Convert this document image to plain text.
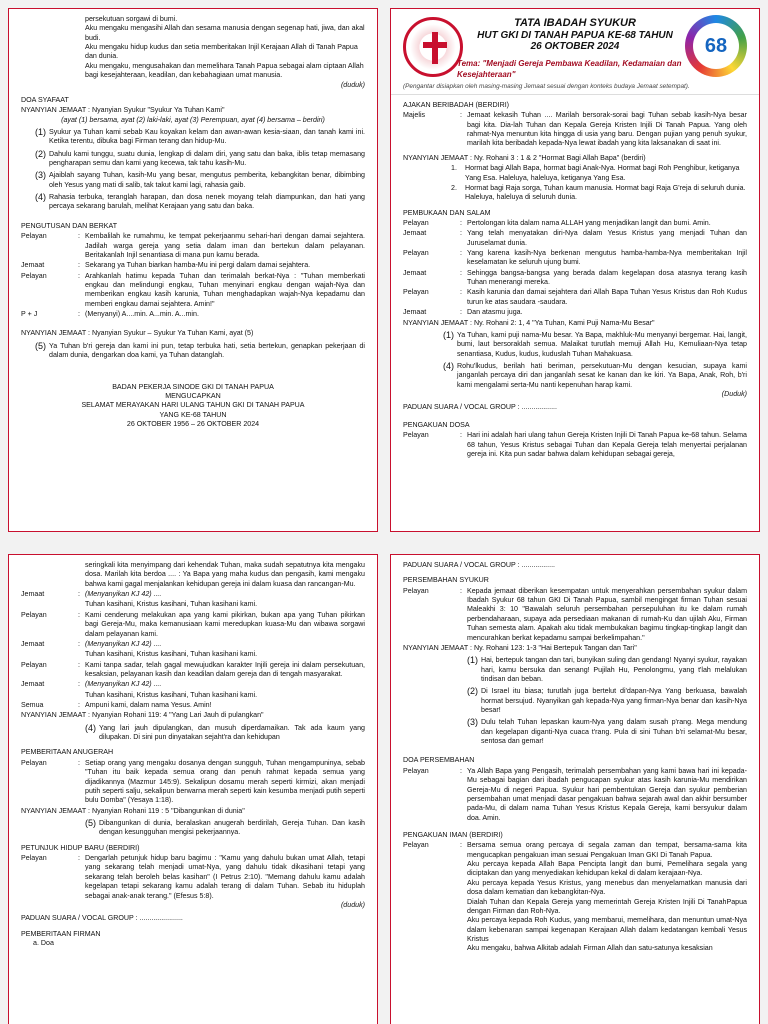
persekutuan sorgawi di bumi.

Aku mengaku mengasihi Allah dan sesama manusia dengan segenap hati, jiwa, dan akal budi.

Aku mengaku hidup kudus dan setia memberitakan Injil Kerajaan Allah di Tanah Papua dan dunia.

Aku mengaku, mengusahakan dan memelihara Tanah Papua sebagai alam ciptaan Allah bagi kesejahteraan, keadilan, dan kebahagiaan umat manusia.

(duduk)

DOA SYAFAAT

NYANYIAN JEMAAT : Nyanyian Syukur "Syukur Ya Tuhan Kami"

(ayat (1) bersama, ayat (2) laki-laki, ayat (3) Perempuan, ayat (4) bersama – berdiri)

(1) Syukur ya Tuhan kami sebab Kau koyakan kelam dan awan-awan kesia-siaan, dan tanah kami ini. Ketika terentu, dibuka bagi Firman terang dan hidup-Mu.
(2) Dahulu kami tunggu, suatu dunia, lengkap di dalam diri, yang satu dan baka, iblis tetap memasang pengharapan semu dan kami yang kecewa, tak tahu kasih-Mu.
(3) Ajaiblah sayang Tuhan, kasih-Mu yang besar, mengutus pemberita, kebangkitan benar, dibimbing oleh Yesus yang mati di salib, tak takut kami lagi, rahasia gaib.
(4) Rahasia terbuka, teranglah harapan, dan dosa nenek moyang telah diampunkan, dan hati yang percaya sekarang barulah, melihat Kerajaan yang satu dan baka.

PENGUTUSAN DAN BERKAT

Pelayan	: Kembalilah ke rumahmu, ke tempat pekerjaanmu sehari-hari dengan damai sejahtera. Jadilah warga gereja yang setia dalam iman dan bertekun dalam pelayanan. Beritakanlah Injil senantiasa di mana pun kamu berada.
Jemaat	: Sekarang ya Tuhan biarkan hamba-Mu ini pergi dalam damai sejahtera.
Pelayan	: Arahkanlah hatimu kepada Tuhan dan terimalah berkat-Nya : "Tuhan memberkati engkau dan melindungi engkau, Tuhan menyinari engkau dengan wajah-Nya dan memberikan engkau kasih karunia, Tuhan menghadapkan wajah-Nya kepadamu dan memberi engkau damai sejahtera. Amin!"
P + J	: (Menyanyi) A....min. A...min. A...min.

NYANYIAN JEMAAT : Nyanyian Syukur – Syukur Ya Tuhan Kami, ayat (5)

(5) Ya Tuhan b'ri gereja dan kami ini pun, tetap terbuka hati, setia bertekun, genapkan pekerjaan di dalam dunia, dengarkan doa kami, ya Tuhan datanglah.

BADAN PEKERJA SINODE GKI DI TANAH PAPUA

MENGUCAPKAN

SELAMAT MERAYAKAN HARI ULANG TAHUN GKI DI TANAH PAPUA

YANG KE-68 TAHUN

26 OKTOBER 1956 – 26 OKTOBER 2024

TATA IBADAH SYUKUR
HUT GKI DI TANAH PAPUA KE-68 TAHUN
26 OKTOBER 2024	68
Tema: "Menjadi Gereja Pembawa Keadilan, Kedamaian dan Kesejahteraan"
(Pengantar disiapkan oleh masing-masing Jemaat sesuai dengan konteks budaya Jemaat setempat).

AJAKAN BERIBADAH (BERDIRI)

Majelis	: Jemaat kekasih Tuhan .... Marilah bersorak-sorai bagi Tuhan sebab kasih-Nya besar bagi kita. Dia-lah Tuhan dan Kepala Gereja Kristen Injili Di Tanah Papua. Yang oleh rahmat-Nya menuntun kita hingga di usia yang baru. Dengan pujian yang penuh syukur, marilah kita beribadah kepada-Nya lewat ibadah yang kita laksanakan di saat ini.

NYANYIAN JEMAAT : Ny. Rohani 3 : 1 & 2 "Hormat Bagi Allah Bapa" (berdiri)

1.	Hormat bagi Allah Bapa, hormat bagi Anak-Nya. Hormat bagi Roh Penghibur, ketiganya Yang Esa. Haleluya, haleluya, ketiganya Yang Esa.
2.	Hormat bagi Raja sorga, Tuhan kaum manusia. Hormat bagi Raja G'reja di seluruh dunia. Haleluya, haleluya di seluruh dunia.

PEMBUKAAN DAN SALAM

Pelayan	: Pertolongan kita dalam nama ALLAH yang menjadikan langit dan bumi. Amin.
Jemaat	: Yang telah menyatakan diri-Nya dalam Yesus Kristus yang menjadi Tuhan dan Juruselamat dunia.
Pelayan	: Yang karena kasih-Nya berkenan mengutus hamba-hamba-Nya memberitakan Injil keselamatan ke seluruh ujung bumi.
Jemaat	: Sehingga bangsa-bangsa yang berada dalam kegelapan dosa atasnya terang kasih Tuhan menerangi mereka.
Pelayan	: Kasih karunia dan damai sejahtera dari Allah Bapa Tuhan Yesus Kristus dan Roh Kudus turun ke atas saudara -saudara.
Jemaat	: Dan atasmu juga.

NYANYIAN JEMAAT : Ny. Rohani 2: 1, 4 "Ya Tuhan, Kami Puji Nama-Mu Besar"

(1) Ya Tuhan, kami puji nama-Mu besar. Ya Bapa, makhluk-Mu menyanyi bergemar. Hai, langit, bumi, laut bersoraklah semua. Malaikat turutlah memuji Allah Hu, Kemuliaan-Nya tetap senantiasa, Kudus, kudus, kuduslah Tuhan Mahakuasa.
(4) Rohu'lkudus, berilah hati beriman, persekutuan-Mu dengan kesucian, supaya kami janganlah percaya diri dan janganlah sesat ke kanan dan ke kiri. Ya Bapa, Anak, Roh, b'ri kami mengalami serta-Mu nanti kepenuhan harap kami.

(Duduk)

PADUAN SUARA / VOCAL GROUP : ..................

PENGAKUAN DOSA

Pelayan	: Hari ini adalah hari ulang tahun Gereja Kristen Injili Di Tanah Papua ke-68 tahun. Selama 68 tahun, Yesus Kristus sebagai Tuhan dan Kepala Gereja telah menyertai perjalanan gereja ini. Kita pun sadar bahwa dalam kehidupan sebagai gereja,

seringkali kita menyimpang dari kehendak Tuhan, maka sudah sepatutnya kita mengaku dosa. Marilah kita berdoa .... : Ya Bapa yang maha kudus dan pengasih, kami mengaku bahwa kami gagal menjalankan kehidupan gereja ini dalam kuasa dan rancangan-Mu.

Jemaat	: (Menyanyikan KJ 42) ....
Tuhan kasihani, Kristus kasihani, Tuhan kasihani kami.
Pelayan	: Kami cenderung melakukan apa yang kami pikirkan, bukan apa yang Tuhan pikirkan bagi Gereja-Mu, maka kemanusiaan kami meredupkan kuasa-Mu dan wibawa sorgawi dalam pelayanan kami.
Jemaat	: (Menyanyikan KJ 42) ....
Tuhan kasihani, Kristus kasihani, Tuhan kasihani kami.
Pelayan	: Kami tanpa sadar, telah gagal mewujudkan karakter Injili gereja ini dalam persekutuan, kesaksian, pelayanan kasih dan keadilan dalam gereja dan di tengah masyarakat.
Jemaat	: (Menyanyikan KJ 42) ....
Tuhan kasihani, Kristus kasihani, Tuhan kasihani kami.
Semua	: Ampuni kami, dalam nama Yesus. Amin!

NYANYIAN JEMAAT : Nyanyian Rohani 119: 4 "Yang Lari Jauh di pulangkan"

(4) Yang lari jauh dipulangkan, dan musuh diperdamaikan. Tak ada kaum yang dilupakan. Di sini pun dinyatakan sejaht'ra dan kehidupan

PEMBERITAAN ANUGERAH

Pelayan	: Setiap orang yang mengaku dosanya dengan sungguh, Tuhan mengampuninya, sebab "Tuhan itu baik kepada semua orang dan penuh rahmat kepada semua yang dijadikannya (Mazmur 145:9). Sekalipun dosamu merah seperti kirmizi, akan menjadi putih seperti salju, sekalipun berwarna merah seperti kain kesumba menjadi putih seperti bulu Domba" (Yesaya 1:18).

NYANYIAN JEMAAT : Nyanyian Rohani 119 : 5 "Dibangunkan di dunia"

(5) Dibangunkan di dunia, beralaskan anugerah berdirilah, Gereja Tuhan. Dan kasih dengan kesungguhan mengisi pekerjaannya.

PETUNJUK HIDUP BARU (BERDIRI)

Pelayan	: Dengarlah petunjuk hidup baru bagimu : "Kamu yang dahulu bukan umat Allah, tetapi yang sekarang telah menjadi umat-Nya, yang dahulu tidak dikasihani tetapi yang sekarang telah beroleh belas kasihan" (I Petrus 2:10). "Memang dahulu kamu adalah kegelapan tetapi sekarang kamu adalah terang di dalam Tuhan. Sebab itu hiduplah sebagai anak-anak terang." (Efesus 5:8).

(duduk)

PADUAN SUARA / VOCAL GROUP : ......................

PEMBERITAAN FIRMAN

a. Doa

PADUAN SUARA / VOCAL GROUP : .................

PERSEMBAHAN SYUKUR

Pelayan	: Kepada jemaat diberikan kesempatan untuk menyerahkan persembahan syukur dalam Ibadah Syukur 68 tahun GKI Di Tanah Papua, sambil mengingat firman Tuhan sesuai Maleakhi 3: 10 "Bawalah seluruh persembahan persepuluhan itu ke dalam rumah perbendaharaan, supaya ada persediaan makanan di rumah-Ku dan ujilah Aku, Firman Tuhan semesta alam. Apakah aku tidak membukakan bagimu tingkap-tingkap langit dan mencurahkan berkat kepadamu sampai berkelimpahan."

NYANYIAN JEMAAT : Ny. Rohani 123: 1-3 "Hai Bertepuk Tangan dan Tari"

(1) Hai, bertepuk tangan dan tari, bunyikan suling dan gendang! Nyanyi syukur, rayakan hari, kamu bersuka dan senang! Pujilah Hu, Penolongmu, yang t'lah melalukan tindisan dan beban.
(2) Di Israel itu biasa; turutlah juga bertelut di'dapan-Nya Yang berkuasa, bawalah hormat bersujud. Nyanyikan gah kepada-Nya yang firman-Nya benar dan kasih-Nya besar!
(3) Dulu telah Tuhan lepaskan kaum-Nya yang dalam susah p'rang. Mega mendung dan kegelapan diganti-Nya cuaca t'rang. Pula di sini Tuhan b'ri selamat-Mu besar, sentosa dan gemar!

DOA PERSEMBAHAN

Pelayan	: Ya Allah Bapa yang Pengasih, terimalah persembahan yang kami bawa hari ini kepada-Mu sebagai bagian dari ibadah pengucapan syukur atas kasih karunia-Mu mendirikan Gereja-Mu di negeri Papua. Syukur hari pembentukan Gereja dan syukur pemberian persembahan umat menjadi dasar pengakuan bahwa sejarah awal dan akhir bersumber pada-Mu, di dalam nama Tuhan Yesus Kristus Kepala Gereja, kami bersyukur dalam doa. Amin.

PENGAKUAN IMAN (BERDIRI)

Pelayan	: Bersama semua orang percaya di segala zaman dan tempat, bersama-sama kita mengucapkan pengakuan iman sesuai Pengakuan Iman GKI Di Tanah Papua.

Aku percaya kepada Allah Bapa Pencipta langit dan bumi, Pemelihara segala yang diciptakan dan yang menyediakan kehidupan kekal di dalam kerajaan-Nya.

Aku percaya kepada Yesus Kristus, yang menebus dan menyelamatkan manusia dari dosa dalam kematian dan kebangkitan-Nya.

Dialah Tuhan dan Kepala Gereja yang memerintah Gereja Kristen Injili Di TanahPapua dengan Firman dan Roh-Nya.

Aku percaya kepada Roh Kudus, yang membarui, memelihara, dan menuntun umat-Nya dalam kebenaran sampai kegenapan Kerajaan Allah dalam kedatangan kembali Yesus Kristus

Aku mengaku, bahwa Alkitab adalah Firman Allah dan satu-satunya kesaksian
